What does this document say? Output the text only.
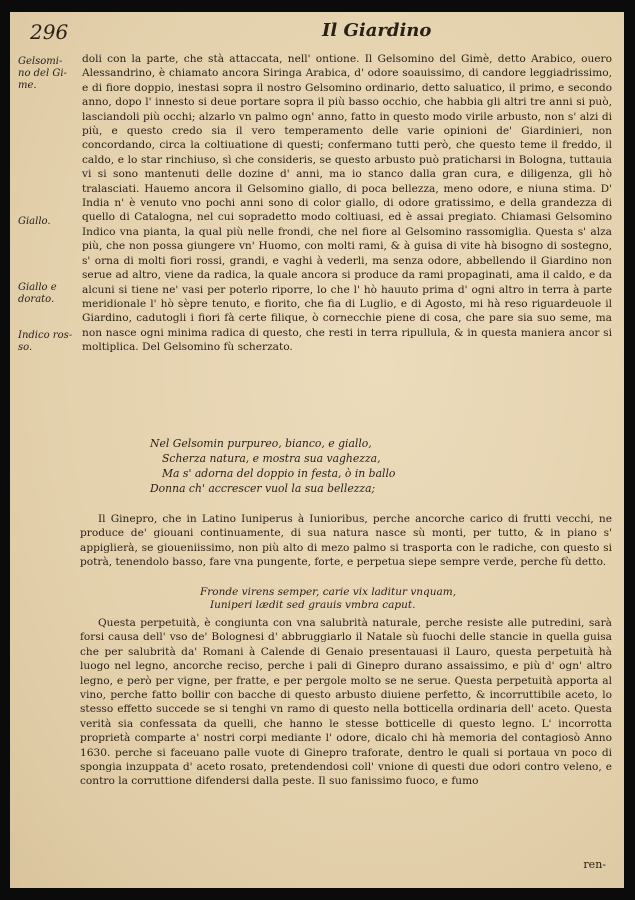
296	Il Giardino
Gelsomi-
no del Gi-
me.
Giallo.
Giallo e
dorato.
Indico ros-
so.

doli con la parte, che stà attaccata, nell' ontione. Il Gelsomino del Gimè, detto Arabico, ouero Alessandrino, è chiamato ancora Siringa Arabica, d' odore soauissimo, di candore leggiadrissimo, e di fiore doppio, inestasi sopra il nostro Gelsomino ordinario, detto saluatico, il primo, e secondo anno, dopo l' innesto si deue portare sopra il più basso occhio, che habbia gli altri tre anni si può, lasciandoli più occhi; alzarlo vn palmo ogn' anno, fatto in questo modo virile arbusto, non s' alzi di più, e questo credo sia il vero temperamento delle varie opinioni de' Giardinieri, non concordando, circa la coltiuatione di questi; confermano tutti però, che questo teme il freddo, il caldo, e lo star rinchiuso, sì che consideris, se questo arbusto può praticharsi in Bologna, tuttauia vi si sono mantenuti delle dozine d' anni, ma io stanco dalla gran cura, e diligenza, gli hò tralasciati. Hauemo ancora il Gelsomino giallo, di poca bellezza, meno odore, e niuna stima. D' India n' è venuto vno pochi anni sono di color giallo, di odore gratissimo, e della grandezza di quello di Catalogna, nel cui sopradetto modo coltiuasi, ed è assai pregiato. Chiamasi Gelsomino Indico vna pianta, la qual più nelle frondi, che nel fiore al Gelsomino rassomiglia. Questa s' alza più, che non possa giungere vn' Huomo, con molti rami, & à guisa di vite hà bisogno di sostegno, s' orna di molti fiori rossi, grandi, e vaghi à vederli, ma senza odore, abbellendo il Giardino non serue ad altro, viene da radica, la quale ancora si produce da rami propaginati, ama il caldo, e da alcuni si tiene ne' vasi per poterlo riporre, lo che l' hò hauuto prima d' ogni altro in terra à parte meridionale l' hò sèpre tenuto, e fiorito, che fia di Luglio, e di Agosto, mi hà reso riguardeuole il Giardino, cadutogli i fiori fà certe filique, ò cornecchie piene di cosa, che pare sia suo seme, ma non nasce ogni minima radica di questo, che resti in terra ripullula, & in questa maniera ancor si moltiplica. Del Gelsomino fù scherzato.

Nel Gelsomin purpureo, bianco, e giallo,
Scherza natura, e mostra sua vaghezza,
Ma s' adorna del doppio in festa, ò in ballo
Donna ch' accrescer vuol la sua bellezza;

Il Ginepro, che in Latino Iuniperus à Iunioribus, perche ancorche carico di frutti vecchi, ne produce de' giouani continuamente, di sua natura nasce sù monti, per tutto, & in piano s' appiglierà, se gioueniissimo, non più alto di mezo palmo si trasporta con le radiche, con questo si potrà, tenendolo basso, fare vna pungente, forte, e perpetua siepe sempre verde, perche fù detto.

Fronde virens semper, carie vix laditur vnquam,
Iuniperi lædit sed grauis vmbra caput.

Questa perpetuità, è congiunta con vna salubrità naturale, perche resiste alle putredini, sarà forsi causa dell' vso de' Bolognesi d' abbruggiarlo il Natale sù fuochi delle stancie in quella guisa che per salubrità da' Romani à Calende di Genaio presentauasi il Lauro, questa perpetuità hà luogo nel legno, ancorche reciso, perche i pali di Ginepro durano assaissimo, e più d' ogn' altro legno, e però per vigne, per fratte, e per pergole molto se ne serue. Questa perpetuità apporta al vino, perche fatto bollir con bacche di questo arbusto diuiene perfetto, & incorruttibile aceto, lo stesso effetto succede se si tenghi vn ramo di questo nella botticella ordinaria dell' aceto. Questa verità sia confessata da quelli, che hanno le stesse botticelle di questo legno. L' incorrotta proprietà comparte a' nostri corpi mediante l' odore, dicalo chi hà memoria del contagiosò Anno 1630. perche si faceuano palle vuote di Ginepro traforate, dentro le quali si portaua vn poco di spongia inzuppata d' aceto rosato, pretendendosi coll' vnione di questi due odori contro veleno, e contro la corruttione difendersi dalla peste. Il suo fanissimo fuoco, e fumo

ren-
